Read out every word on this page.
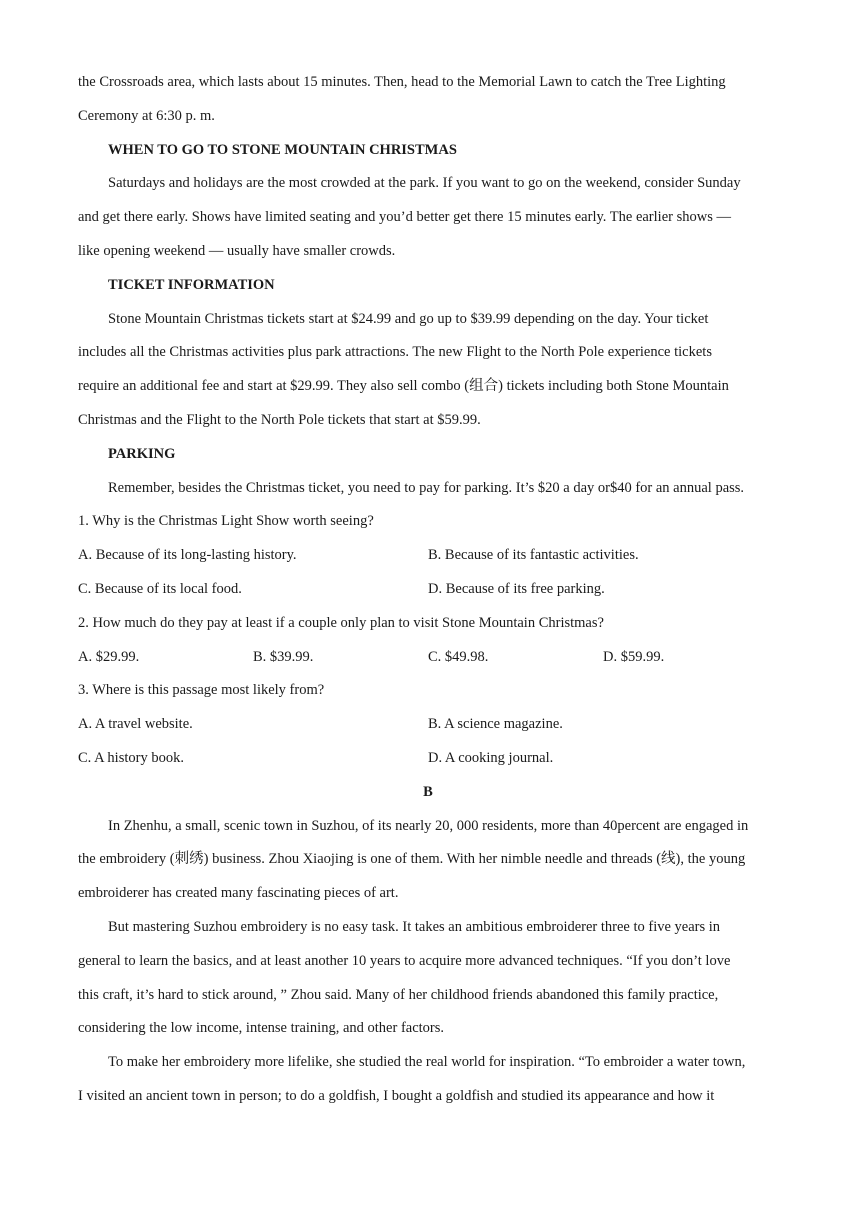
the Crossroads area, which lasts about 15 minutes. Then, head to the Memorial Lawn to catch the Tree Lighting
Ceremony at 6:30 p. m.
WHEN TO GO TO STONE MOUNTAIN CHRISTMAS
Saturdays and holidays are the most crowded at the park. If you want to go on the weekend, consider Sunday
and get there early. Shows have limited seating and you’d better get there 15 minutes early. The earlier shows —
like opening weekend — usually have smaller crowds.
TICKET INFORMATION
Stone Mountain Christmas tickets start at $24.99 and go up to $39.99 depending on the day. Your ticket
includes all the Christmas activities plus park attractions. The new Flight to the North Pole experience tickets
require an additional fee and start at $29.99. They also sell combo (组合) tickets including both Stone Mountain
Christmas and the Flight to the North Pole tickets that start at $59.99.
PARKING
Remember, besides the Christmas ticket, you need to pay for parking. It’s $20 a day or$40 for an annual pass.
1. Why is the Christmas Light Show worth seeing?
A. Because of its long-lasting history.	B. Because of its fantastic activities.
C. Because of its local food.	D. Because of its free parking.
2. How much do they pay at least if a couple only plan to visit Stone Mountain Christmas?
A. $29.99.	B. $39.99.	C. $49.98.	D. $59.99.
3. Where is this passage most likely from?
A. A travel website.	B. A science magazine.
C. A history book.	D. A cooking journal.
B
In Zhenhu, a small, scenic town in Suzhou, of its nearly 20, 000 residents, more than 40percent are engaged in
the embroidery (刺绣) business. Zhou Xiaojing is one of them. With her nimble needle and threads (线), the young
embroiderer has created many fascinating pieces of art.
But mastering Suzhou embroidery is no easy task. It takes an ambitious embroiderer three to five years in
general to learn the basics, and at least another 10 years to acquire more advanced techniques. “If you don’t love
this craft, it’s hard to stick around, ” Zhou said. Many of her childhood friends abandoned this family practice,
considering the low income, intense training, and other factors.
To make her embroidery more lifelike, she studied the real world for inspiration. “To embroider a water town,
I visited an ancient town in person; to do a goldfish, I bought a goldfish and studied its appearance and how it
